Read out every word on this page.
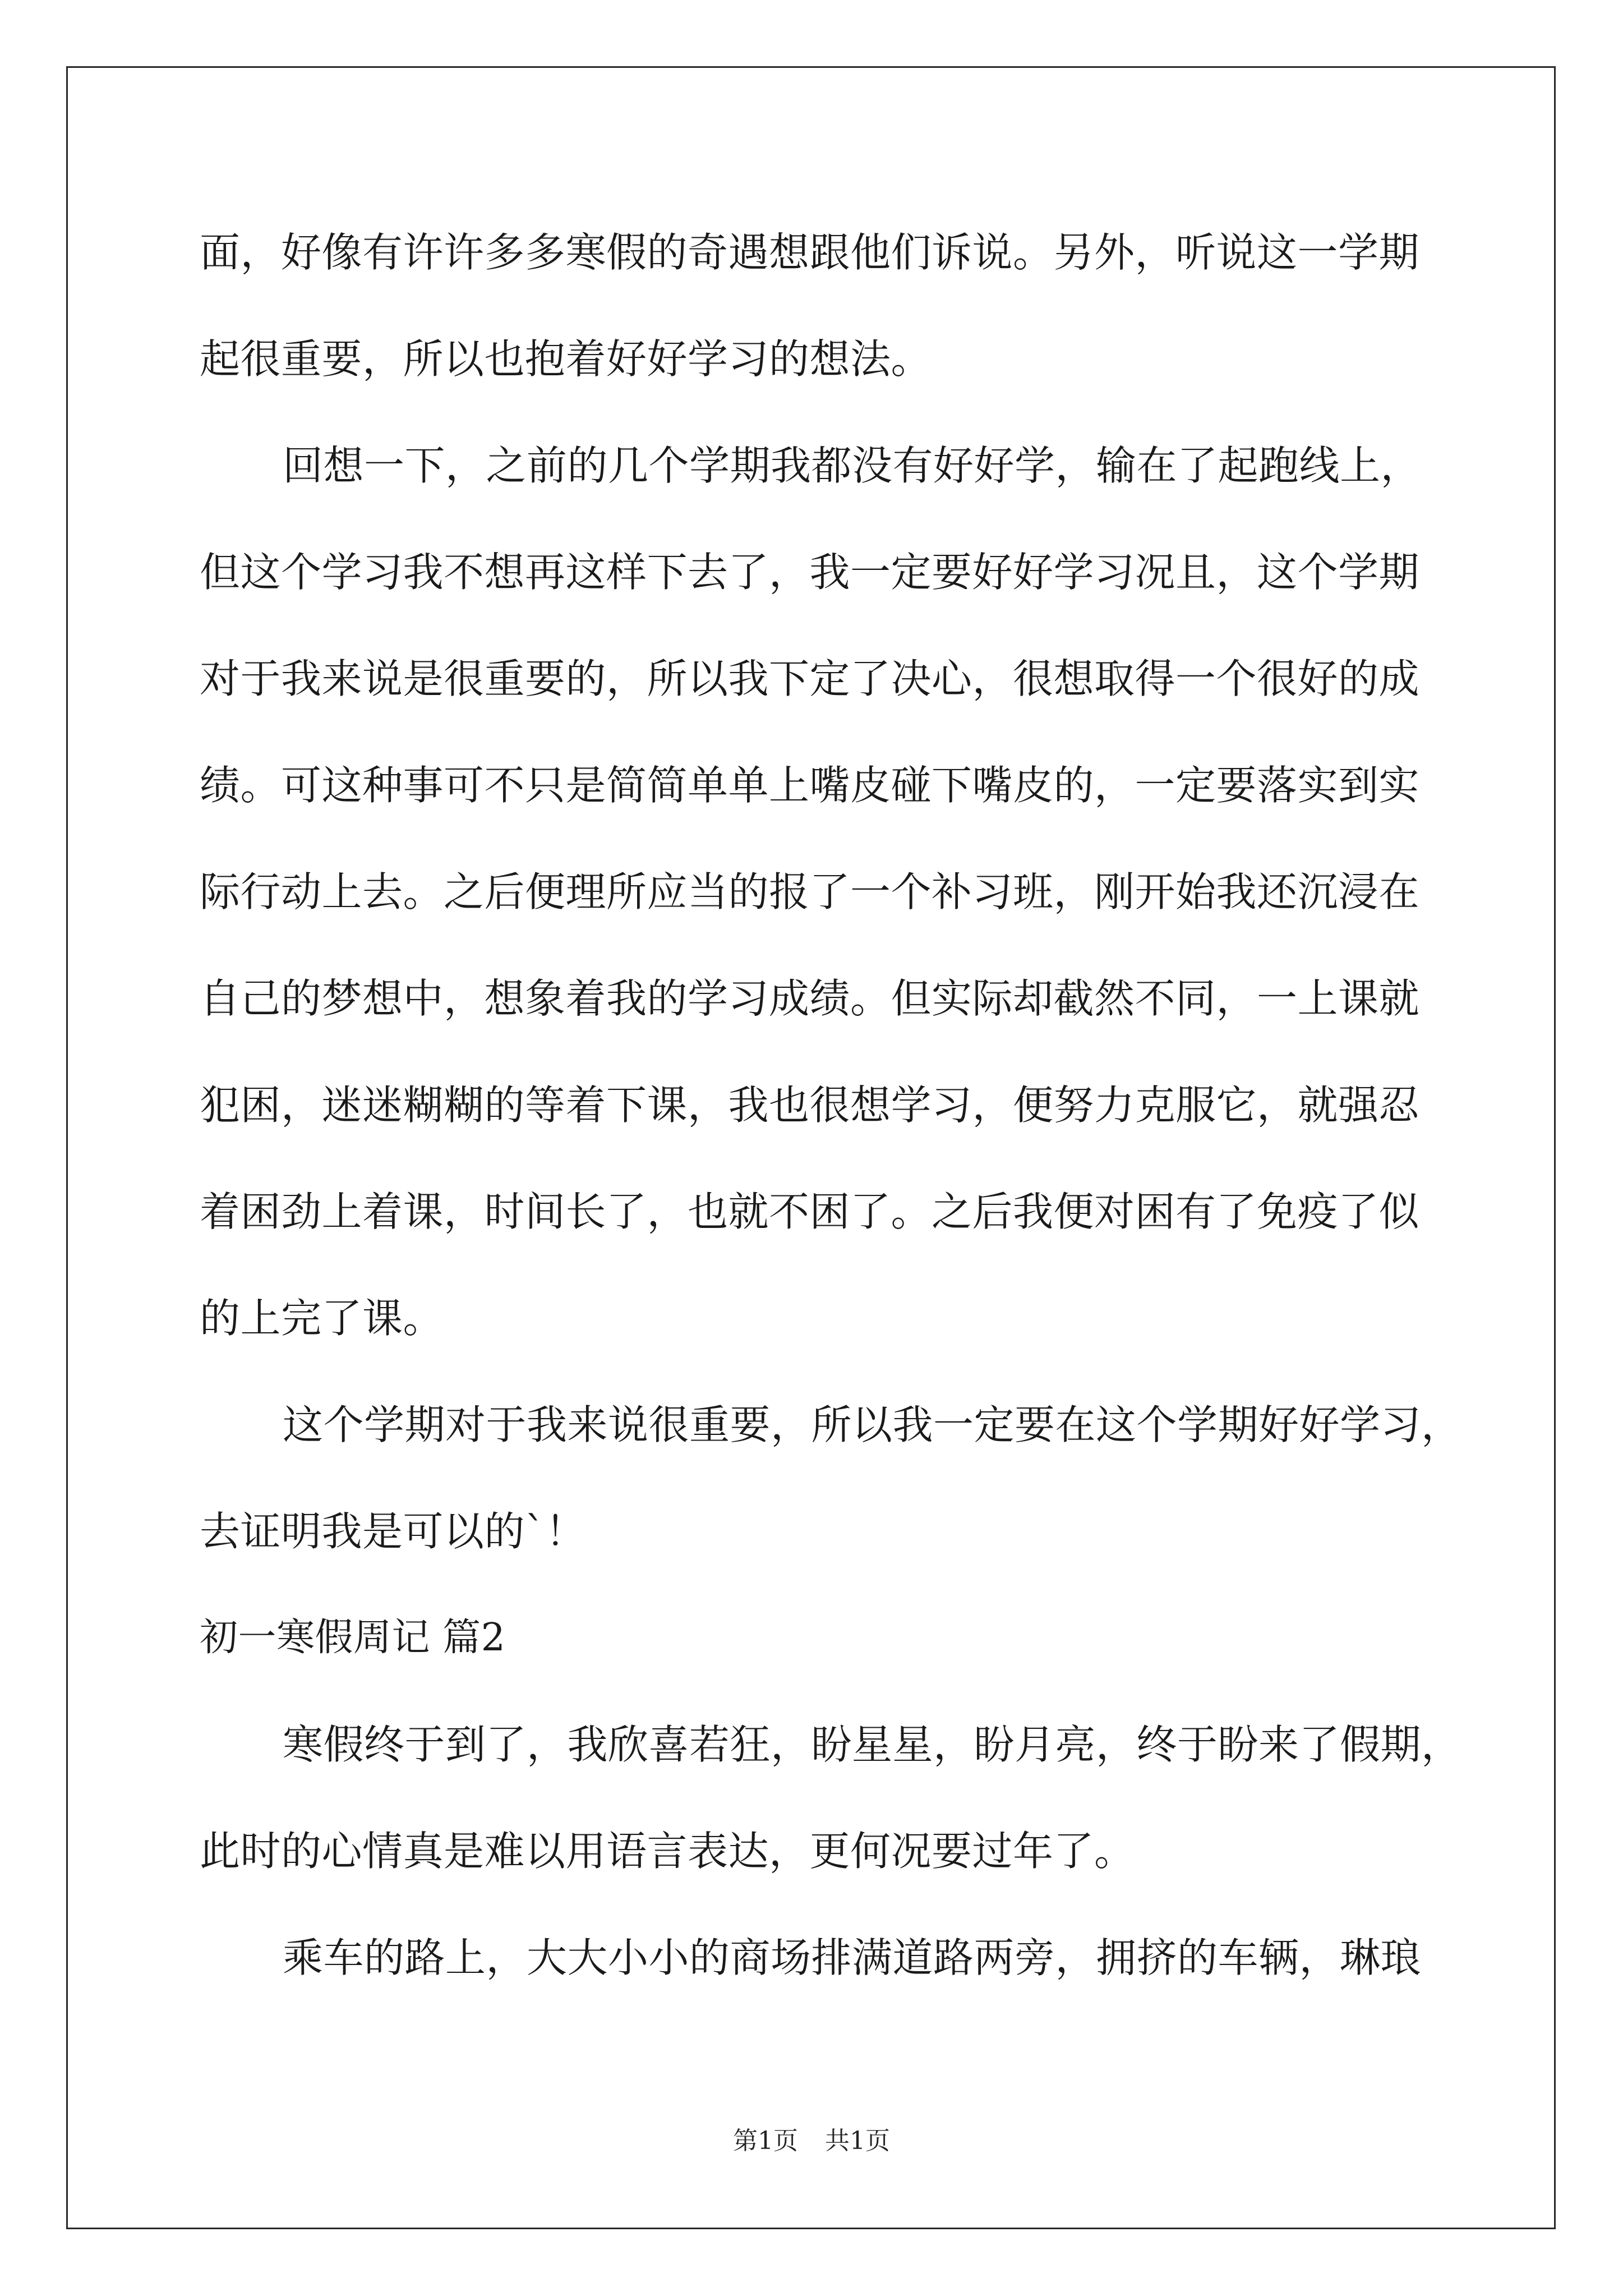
面，好像有许许多多寒假的奇遇想跟他们诉说。另外，听说这一学期
起很重要，所以也抱着好好学习的想法。
回想一下，之前的几个学期我都没有好好学，输在了起跑线上，
但这个学习我不想再这样下去了，我一定要好好学习况且，这个学期
对于我来说是很重要的，所以我下定了决心，很想取得一个很好的成
绩。可这种事可不只是简简单单上嘴皮碰下嘴皮的，一定要落实到实
际行动上去。之后便理所应当的报了一个补习班，刚开始我还沉浸在
自己的梦想中，想象着我的学习成绩。但实际却截然不同，一上课就
犯困，迷迷糊糊的等着下课，我也很想学习，便努力克服它，就强忍
着困劲上着课，时间长了，也就不困了。之后我便对困有了免疫了似
的上完了课。
这个学期对于我来说很重要，所以我一定要在这个学期好好学习，
去证明我是可以的`！
初一寒假周记 篇2
寒假终于到了，我欣喜若狂，盼星星，盼月亮，终于盼来了假期，
此时的心情真是难以用语言表达，更何况要过年了。
乘车的路上，大大小小的商场排满道路两旁，拥挤的车辆，琳琅
第1页 共1页
